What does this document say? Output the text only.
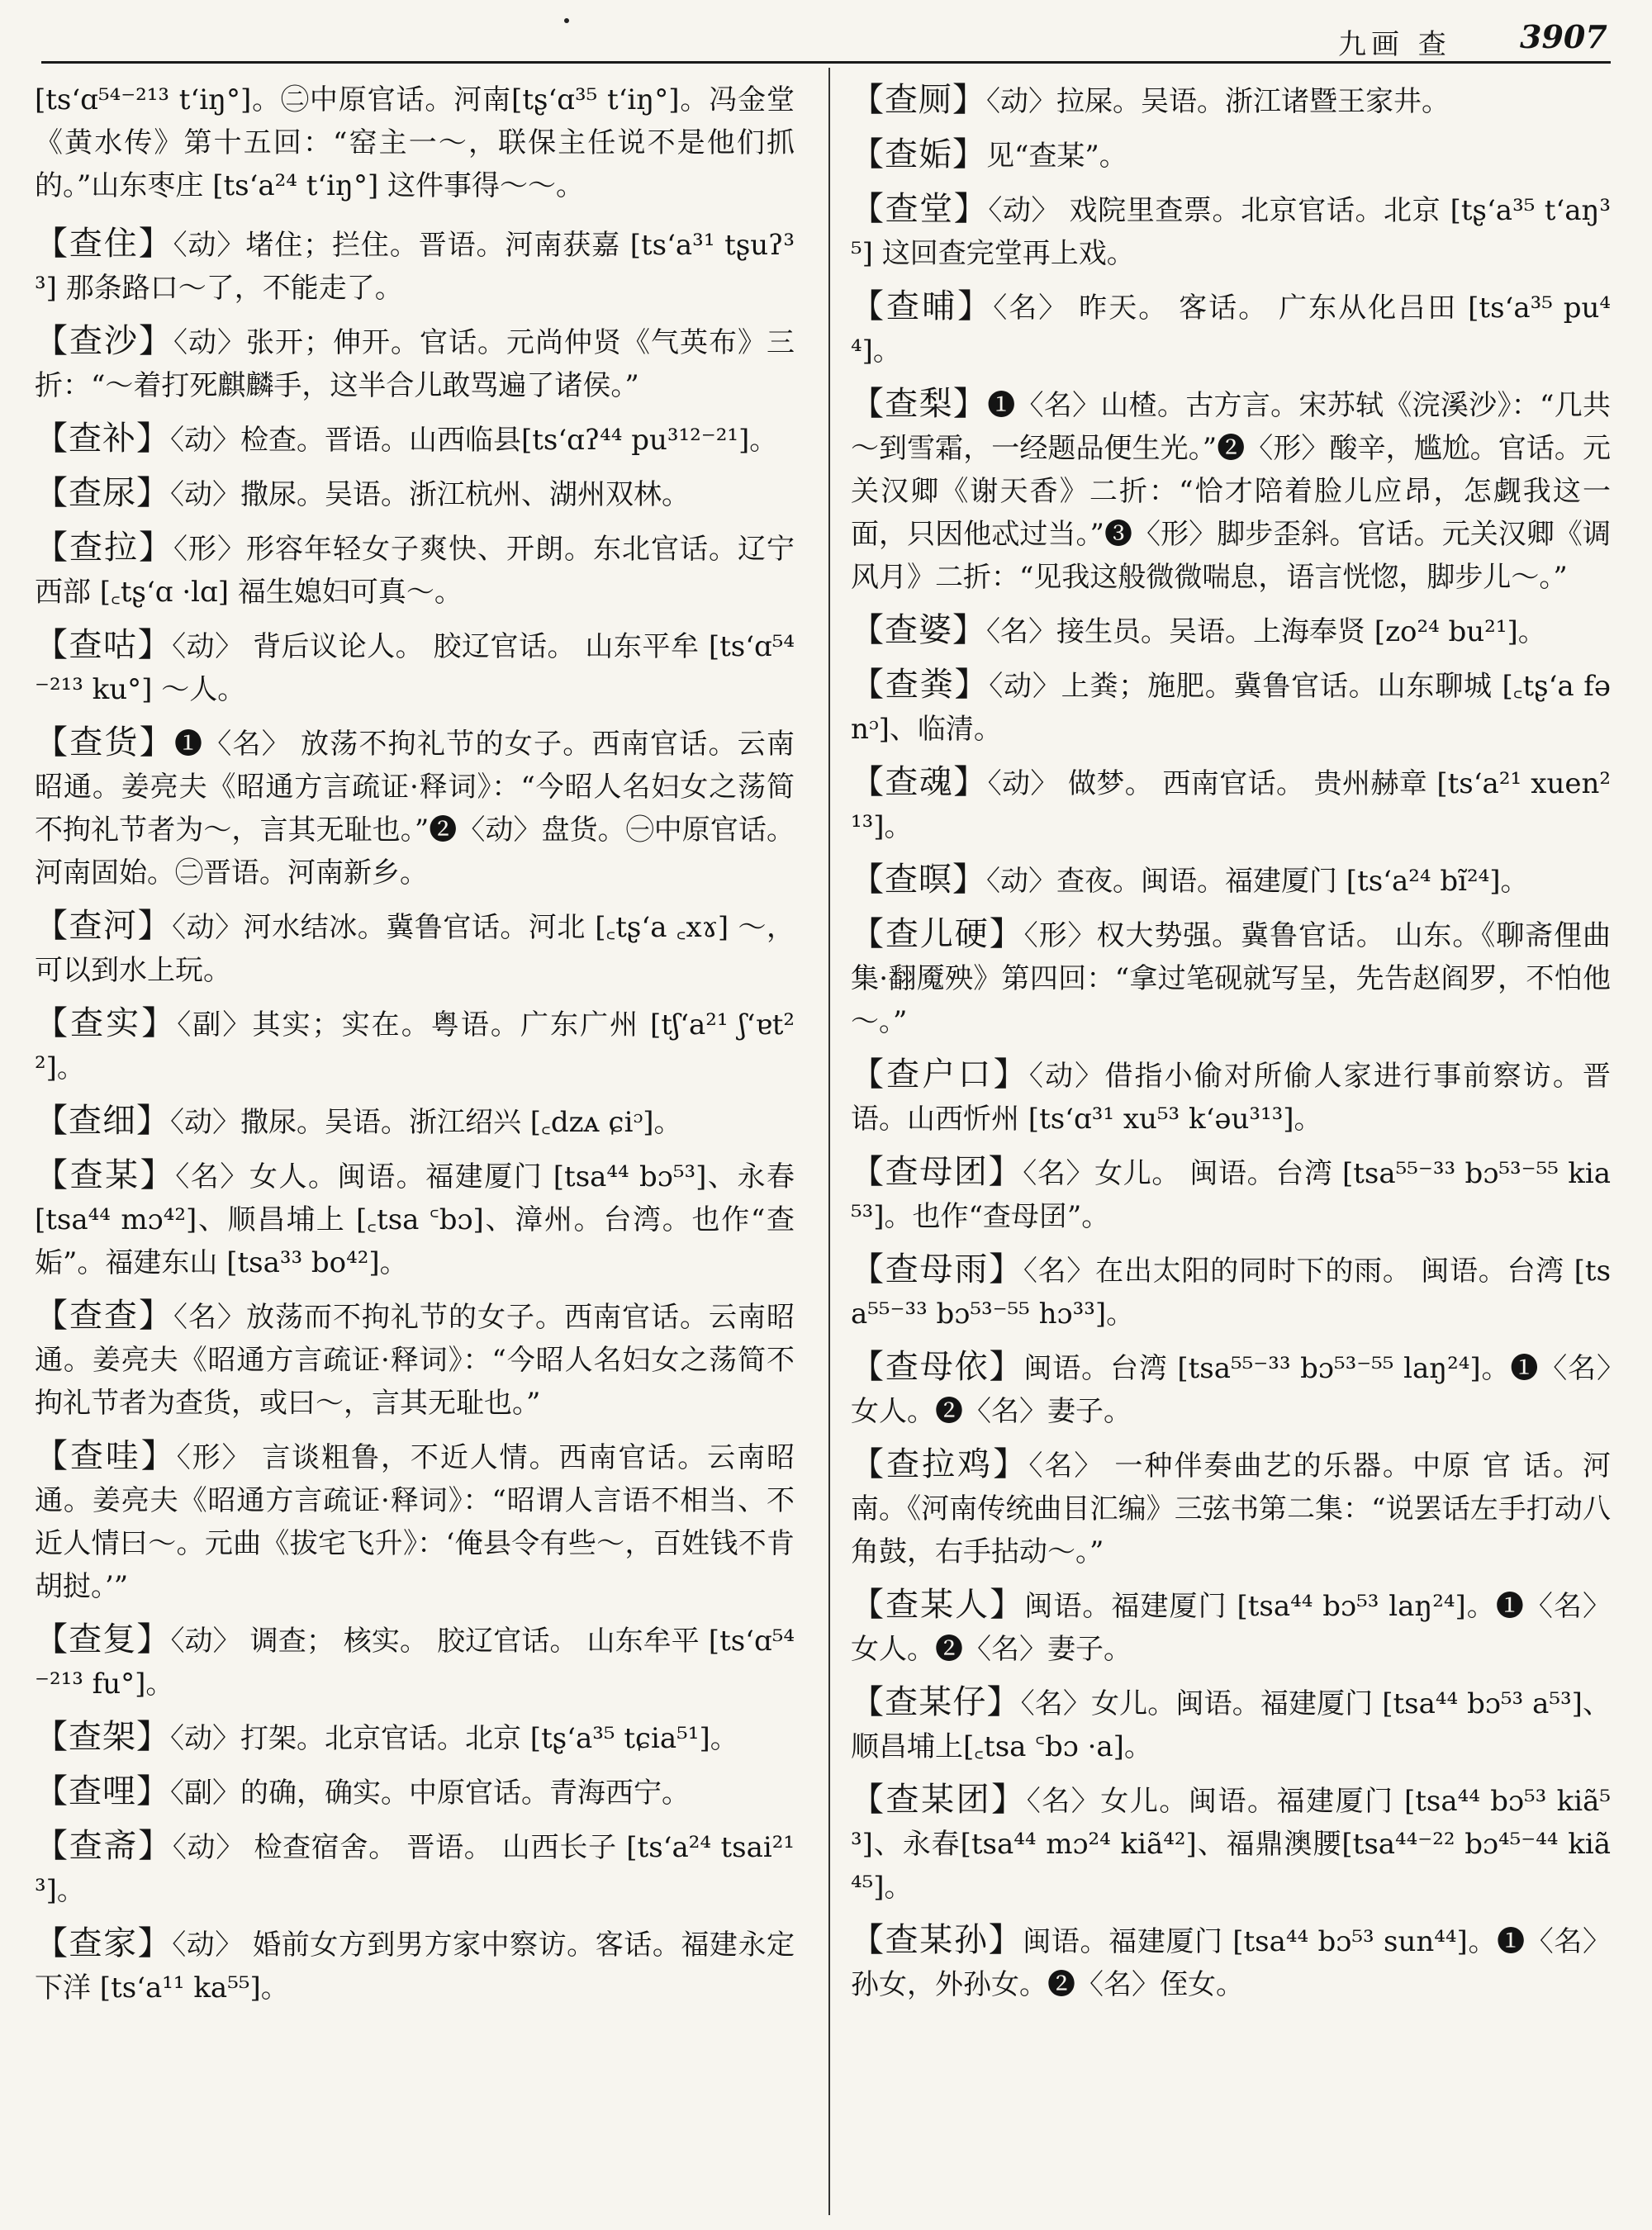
九画 查 3907
[tsʻɑ⁵⁴⁻²¹³ tʻiŋ°]。㊁中原官话。河南[tʂʻɑ³⁵ tʻiŋ°]。冯金堂《黄水传》第十五回：“窑主一～，联保主任说不是他们抓的。”山东枣庄 [tsʻa²⁴ tʻiŋ°] 这件事得～～。
【查住】〈动〉堵住；拦住。晋语。河南获嘉 [tsʻa³¹ tʂuʔ³³] 那条路口～了，不能走了。
【查沙】〈动〉张开；伸开。官话。元尚仲贤《气英布》三折：“～着打死麒麟手，这半合儿敢骂遍了诸侯。”
【查补】〈动〉检查。晋语。山西临县[tsʻɑʔ⁴⁴ pu³¹²⁻²¹]。
【查尿】〈动〉撒尿。吴语。浙江杭州、湖州双林。
【查拉】〈形〉形容年轻女子爽快、开朗。东北官话。辽宁西部 [꜀tʂʻɑ ·lɑ] 福生媳妇可真～。
【查咕】〈动〉 背后议论人。 胶辽官话。 山东平牟 [tsʻɑ⁵⁴⁻²¹³ ku°] ～人。
【查货】❶〈名〉 放荡不拘礼节的女子。西南官话。云南昭通。姜亮夫《昭通方言疏证·释词》：“今昭人名妇女之荡简不拘礼节者为～，言其无耻也。”❷〈动〉盘货。㊀中原官话。河南固始。㊁晋语。河南新乡。
【查河】〈动〉河水结冰。冀鲁官话。河北 [꜀tʂʻa ꜀xɤ] ～，可以到水上玩。
【查实】〈副〉其实；实在。粤语。广东广州 [tʃʻa²¹ ʃʻɐt²²]。
【查细】〈动〉撒尿。吴语。浙江绍兴 [꜀dzᴀ ɕiᵓ]。
【查某】〈名〉女人。闽语。福建厦门 [tsa⁴⁴ bɔ⁵³]、永春 [tsa⁴⁴ mɔ⁴²]、顺昌埔上 [꜀tsa ꜂bɔ]、漳州。台湾。也作“查姤”。福建东山 [tsa³³ bo⁴²]。
【查查】〈名〉放荡而不拘礼节的女子。西南官话。云南昭通。姜亮夫《昭通方言疏证·释词》：“今昭人名妇女之荡简不拘礼节者为查货，或曰～，言其无耻也。”
【查哇】〈形〉 言谈粗鲁，不近人情。西南官话。云南昭通。姜亮夫《昭通方言疏证·释词》：“昭谓人言语不相当、不近人情曰～。元曲《拔宅飞升》：‘俺县令有些～，百姓钱不肯胡挝。’”
【查复】〈动〉 调查； 核实。 胶辽官话。 山东牟平 [tsʻɑ⁵⁴⁻²¹³ fu°]。
【查架】〈动〉打架。北京官话。北京 [tʂʻa³⁵ tɕia⁵¹]。
【查哩】〈副〉的确，确实。中原官话。青海西宁。
【查斋】〈动〉 检查宿舍。 晋语。 山西长子 [tsʻa²⁴ tsai²¹³]。
【查家】〈动〉 婚前女方到男方家中察访。客话。福建永定下洋 [tsʻa¹¹ ka⁵⁵]。
【查厕】〈动〉拉屎。吴语。浙江诸暨王家井。
【查姤】见“查某”。
【查堂】〈动〉 戏院里查票。北京官话。北京 [tʂʻa³⁵ tʻaŋ³⁵] 这回查完堂再上戏。
【查晡】〈名〉 昨天。 客话。 广东从化吕田 [tsʻa³⁵ pu⁴⁴]。
【查梨】❶〈名〉山楂。古方言。宋苏轼《浣溪沙》：“几共～到雪霜，一经题品便生光。”❷〈形〉酸辛，尴尬。官话。元关汉卿《谢天香》二折：“恰才陪着脸儿应昂，怎觑我这一面，只因他忒过当。”❸〈形〉脚步歪斜。官话。元关汉卿《调风月》二折：“见我这般微微喘息，语言恍惚，脚步儿～。”
【查婆】〈名〉接生员。吴语。上海奉贤 [zo²⁴ bu²¹]。
【查粪】〈动〉上粪；施肥。冀鲁官话。山东聊城 [꜀tʂʻa fənᵓ]、临清。
【查魂】〈动〉 做梦。 西南官话。 贵州赫章 [tsʻa²¹ xuen²¹³]。
【查暝】〈动〉查夜。闽语。福建厦门 [tsʻa²⁴ bĩ²⁴]。
【查儿硬】〈形〉权大势强。冀鲁官话。 山东。《聊斋俚曲集·翻魇殃》第四回：“拿过笔砚就写呈，先告赵阎罗，不怕他～。”
【查户口】〈动〉借指小偷对所偷人家进行事前察访。晋语。山西忻州 [tsʻɑ³¹ xu⁵³ kʻəu³¹³]。
【查母团】〈名〉女儿。 闽语。台湾 [tsa⁵⁵⁻³³ bɔ⁵³⁻⁵⁵ kia⁵³]。也作“查母囝”。
【查母雨】〈名〉在出太阳的同时下的雨。 闽语。台湾 [tsa⁵⁵⁻³³ bɔ⁵³⁻⁵⁵ hɔ³³]。
【查母依】闽语。台湾 [tsa⁵⁵⁻³³ bɔ⁵³⁻⁵⁵ laŋ²⁴]。❶〈名〉女人。❷〈名〉妻子。
【查拉鸡】〈名〉 一种伴奏曲艺的乐器。中原 官 话。河南。《河南传统曲目汇编》三弦书第二集：“说罢话左手打动八角鼓，右手拈动～。”
【查某人】闽语。福建厦门 [tsa⁴⁴ bɔ⁵³ laŋ²⁴]。❶〈名〉女人。❷〈名〉妻子。
【查某仔】〈名〉女儿。闽语。福建厦门 [tsa⁴⁴ bɔ⁵³ a⁵³]、顺昌埔上[꜀tsa ꜂bɔ ·a]。
【查某团】〈名〉女儿。闽语。福建厦门 [tsa⁴⁴ bɔ⁵³ kiã⁵³]、永春[tsa⁴⁴ mɔ²⁴ kiã⁴²]、福鼎澳腰[tsa⁴⁴⁻²² bɔ⁴⁵⁻⁴⁴ kiã⁴⁵]。
【查某孙】闽语。福建厦门 [tsa⁴⁴ bɔ⁵³ sun⁴⁴]。❶〈名〉孙女，外孙女。❷〈名〉侄女。
